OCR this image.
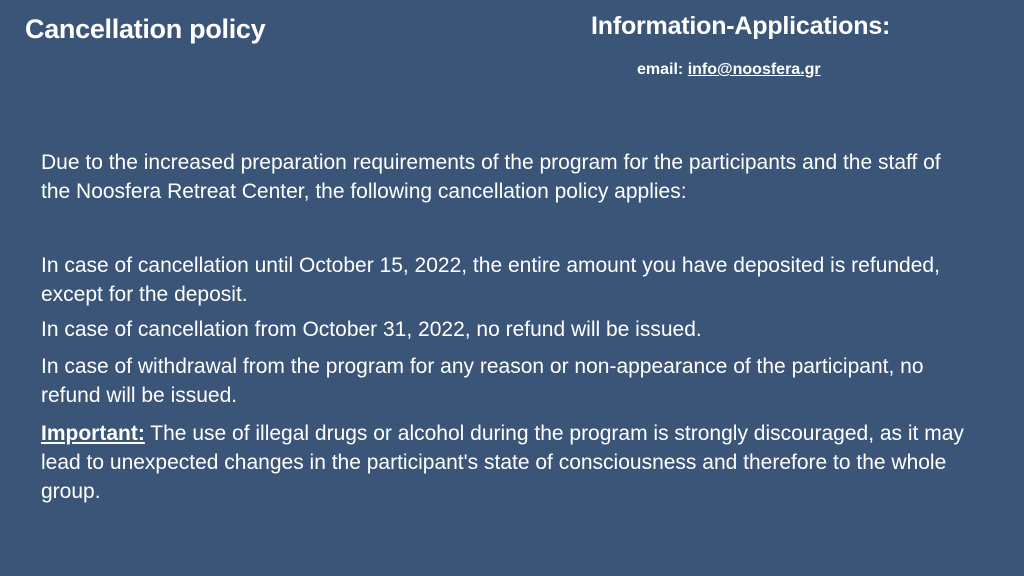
Cancellation policy	Information-Applications:
email: info@noosfera.gr

Due to the increased preparation requirements of the program for the participants and the staff of the Noosfera Retreat Center, the following cancellation policy applies:

In case of cancellation until October 15, 2022, the entire amount you have deposited is refunded, except for the deposit.

In case of cancellation from October 31, 2022, no refund will be issued.

In case of withdrawal from the program for any reason or non-appearance of the participant, no refund will be issued.

Important: The use of illegal drugs or alcohol during the program is strongly discouraged, as it may lead to unexpected changes in the participant's state of consciousness and therefore to the whole group.
